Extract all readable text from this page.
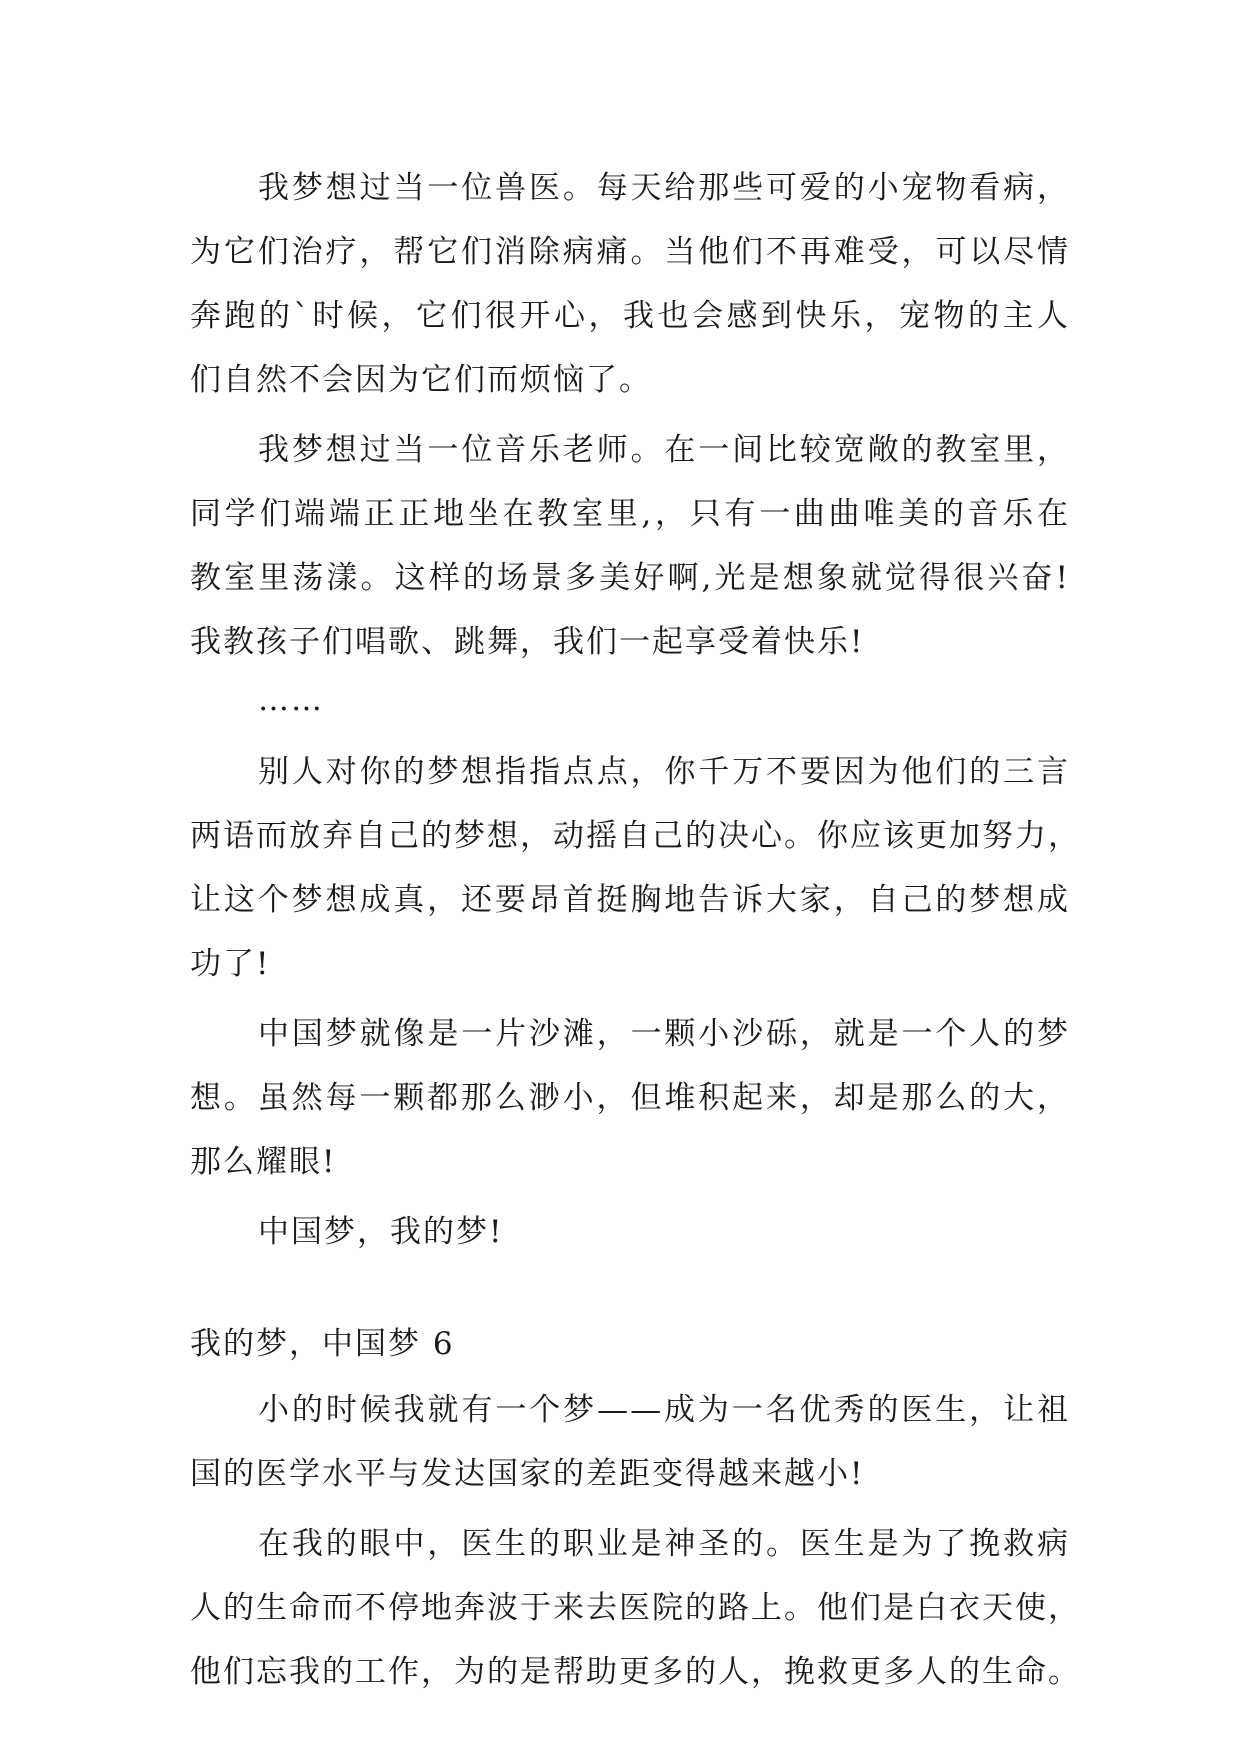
我梦想过当一位兽医。每天给那些可爱的小宠物看病，
为它们治疗，帮它们消除病痛。当他们不再难受，可以尽情
奔跑的`时候，它们很开心，我也会感到快乐，宠物的主人
们自然不会因为它们而烦恼了。
我梦想过当一位音乐老师。在一间比较宽敞的教室里，
同学们端端正正地坐在教室里,，只有一曲曲唯美的音乐在
教室里荡漾。这样的场景多美好啊,光是想象就觉得很兴奋!
我教孩子们唱歌、跳舞，我们一起享受着快乐!
……
别人对你的梦想指指点点，你千万不要因为他们的三言
两语而放弃自己的梦想，动摇自己的决心。你应该更加努力，
让这个梦想成真，还要昂首挺胸地告诉大家，自己的梦想成
功了!
中国梦就像是一片沙滩，一颗小沙砾，就是一个人的梦
想。虽然每一颗都那么渺小，但堆积起来，却是那么的大，
那么耀眼!
中国梦，我的梦!
我的梦，中国梦 6
小的时候我就有一个梦——成为一名优秀的医生，让祖
国的医学水平与发达国家的差距变得越来越小!
在我的眼中，医生的职业是神圣的。医生是为了挽救病
人的生命而不停地奔波于来去医院的路上。他们是白衣天使，
他们忘我的工作，为的是帮助更多的人，挽救更多人的生命。
